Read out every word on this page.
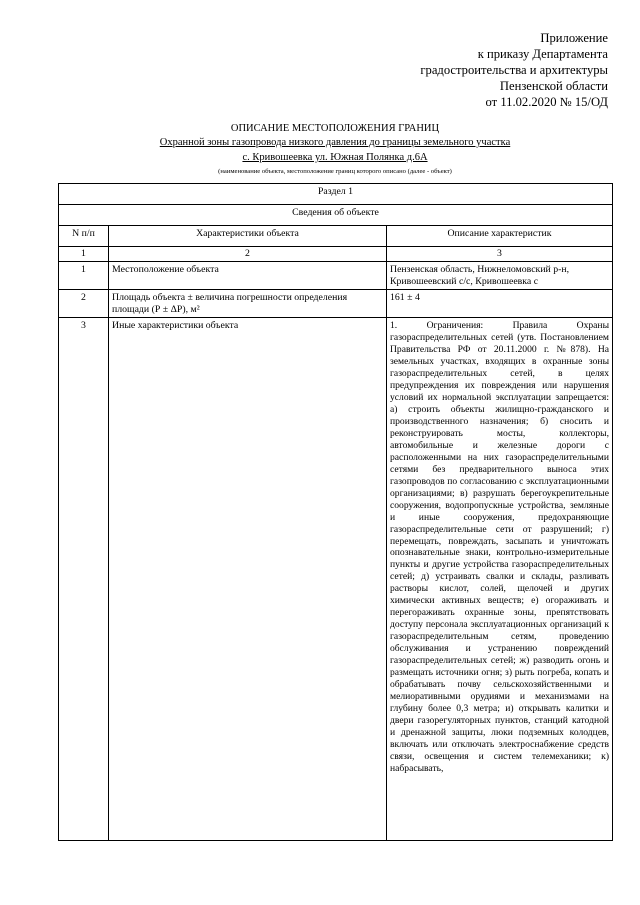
Приложение
к приказу Департамента
градостроительства и архитектуры
Пензенской области
от 11.02.2020 № 15/ОД
ОПИСАНИЕ МЕСТОПОЛОЖЕНИЯ ГРАНИЦ
Охранной зоны газопровода низкого давления до границы земельного участка
с. Кривошеевка ул. Южная Полянка д.6А
(наименование объекта, местоположение границ которого описано (далее - объект)
Раздел 1		
Сведения об объекте		
N п/п	Характеристики объекта	Описание характеристик
1	2	3
1	Местоположение объекта	Пензенская область, Нижнеломовский р-н, Кривошеевский с/с, Кривошеевка с
2	Площадь объекта ± величина погрешности определения площади (Р ± ΔР), м²	161 ± 4
3	Иные характеристики объекта	1. Ограничения: Правила Охраны газораспределительных сетей (утв. Постановлением Правительства РФ от 20.11.2000 г. №878). На земельных участках, входящих в охранные зоны газораспределительных сетей, в целях предупреждения их повреждения или нарушения условий их нормальной эксплуатации запрещается: а) строить объекты жилищно-гражданского и производственного назначения; б) сносить и реконструировать мосты, коллекторы, автомобильные и железные дороги с расположенными на них газораспределительными сетями без предварительного выноса этих газопроводов по согласованию с эксплуатационными организациями; в) разрушать берегоукрепительные сооружения, водопропускные устройства, земляные и иные сооружения, предохраняющие газораспределительные сети от разрушений; г) перемещать, повреждать, засыпать и уничтожать опознавательные знаки, контрольно-измерительные пункты и другие устройства газораспределительных сетей; д) устраивать свалки и склады, разливать растворы кислот, солей, щелочей и других химически активных веществ; е) огораживать и перегораживать охранные зоны, препятствовать доступу персонала эксплуатационных организаций к газораспределительным сетям, проведению обслуживания и устранению повреждений газораспределительных сетей; ж) разводить огонь и размещать источники огня; з) рыть погреба, копать и обрабатывать почву сельскохозяйственными и мелиоративными орудиями и механизмами на глубину более 0,3 метра; и) открывать калитки и двери газорегуляторных пунктов, станций катодной и дренажной защиты, люки подземных колодцев, включать или отключать электроснабжение средств связи, освещения и систем телемеханики; к) набрасывать,
